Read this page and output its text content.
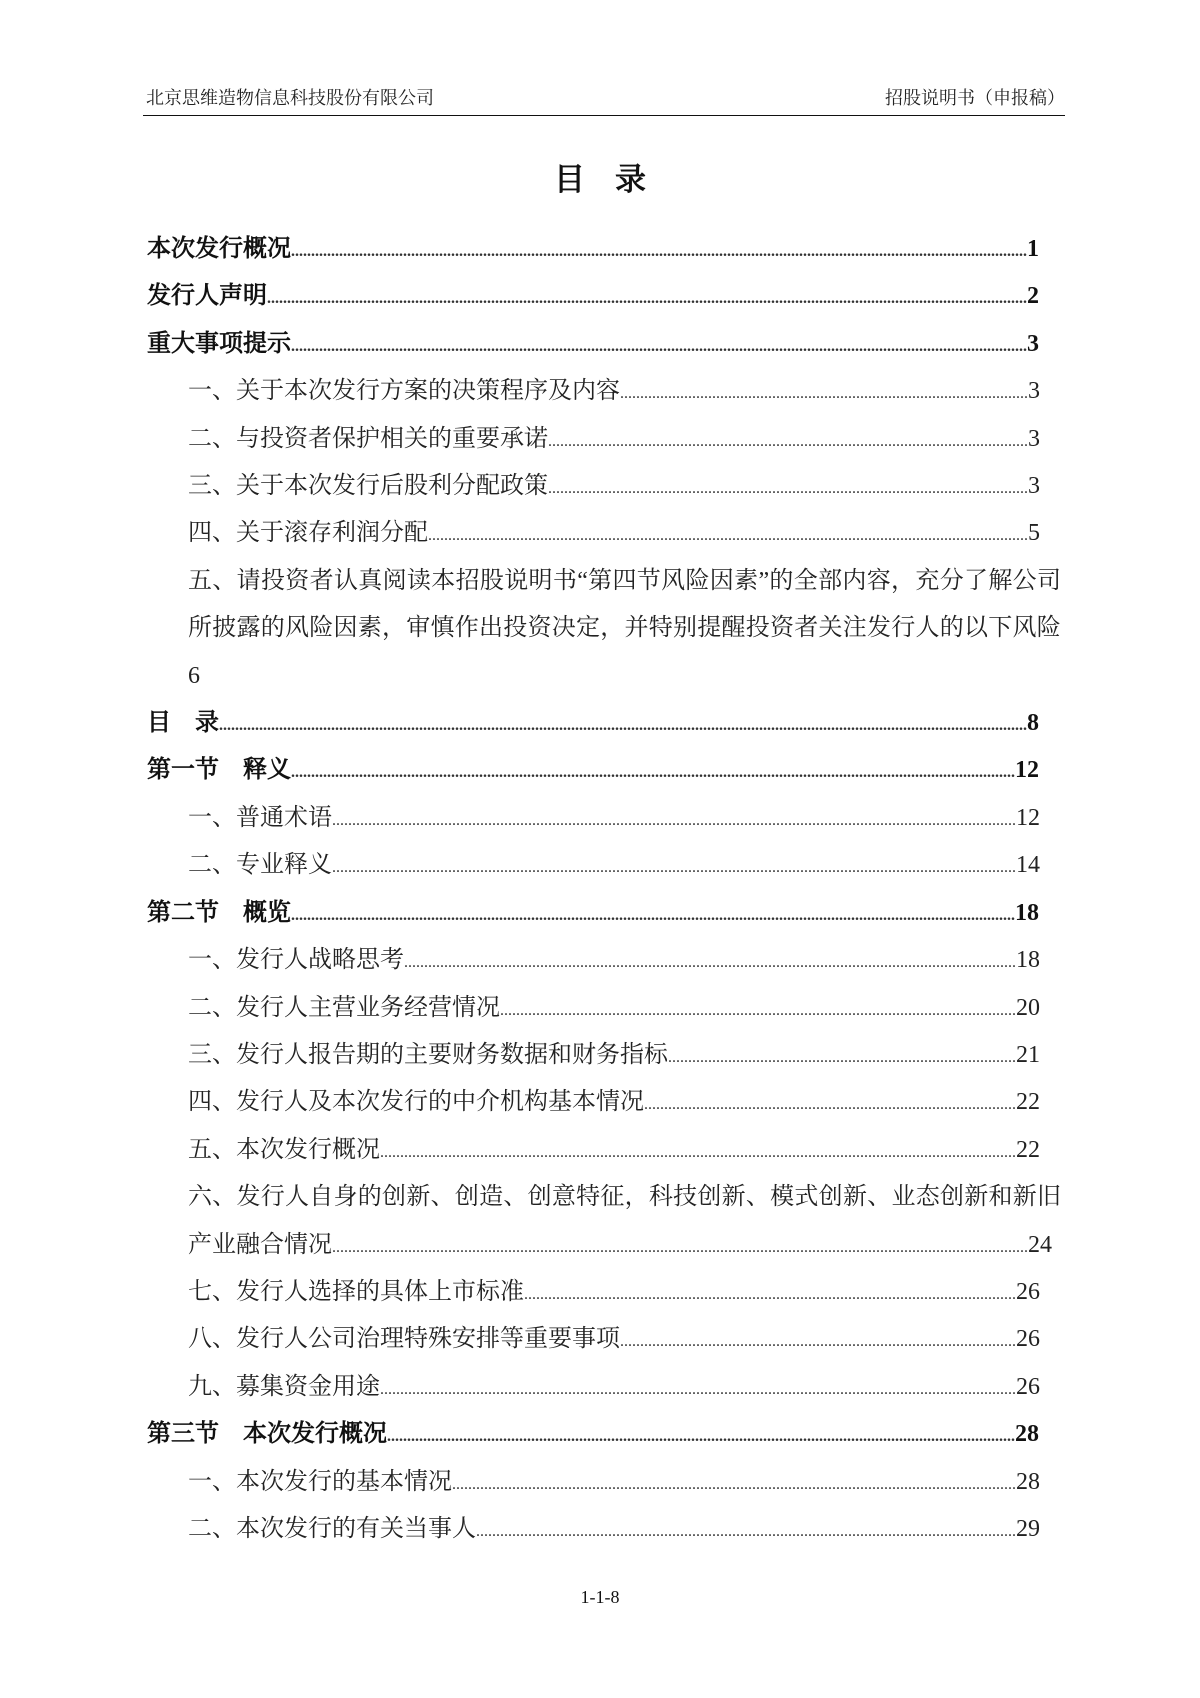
北京思维造物信息科技股份有限公司	招股说明书（申报稿）
目录
本次发行概况........................................................................................................................................................................................1
发行人声明..............................................................................................................................................................................................2
重大事项提示........................................................................................................................................................................................3
一、关于本次发行方案的决策程序及内容......................................................................................................3
二、与投资者保护相关的重要承诺........................................................................................................................3
三、关于本次发行后股利分配政策........................................................................................................................3
四、关于滚存利润分配......................................................................................................................................................5
五、请投资者认真阅读本招股说明书“第四节风险因素”的全部内容，充分了解公司所披露的风险因素，审慎作出投资决定，并特别提醒投资者关注发行人的以下风险6
目　录..........................................................................................................................................................................................................8
第一节　释义.....................................................................................................................................................................................12
一、普通术语...........................................................................................................................................................................12
二、专业释义...........................................................................................................................................................................14
第二节　概览.....................................................................................................................................................................................18
一、发行人战略思考.........................................................................................................................................................18
二、发行人主营业务经营情况.................................................................................................................................20
三、发行人报告期的主要财务数据和财务指标.......................................................................................21
四、发行人及本次发行的中介机构基本情况.............................................................................................22
五、本次发行概况...............................................................................................................................................................22
六、发行人自身的创新、创造、创意特征，科技创新、模式创新、业态创新和新旧产业融合情况..............................................................................................................................................................................24
七、发行人选择的具体上市标准...........................................................................................................................26
八、发行人公司治理特殊安排等重要事项...................................................................................................26
九、募集资金用途...............................................................................................................................................................26
第三节　本次发行概况.............................................................................................................................................................28
一、本次发行的基本情况.............................................................................................................................................28
二、本次发行的有关当事人.......................................................................................................................................29
1-1-8
